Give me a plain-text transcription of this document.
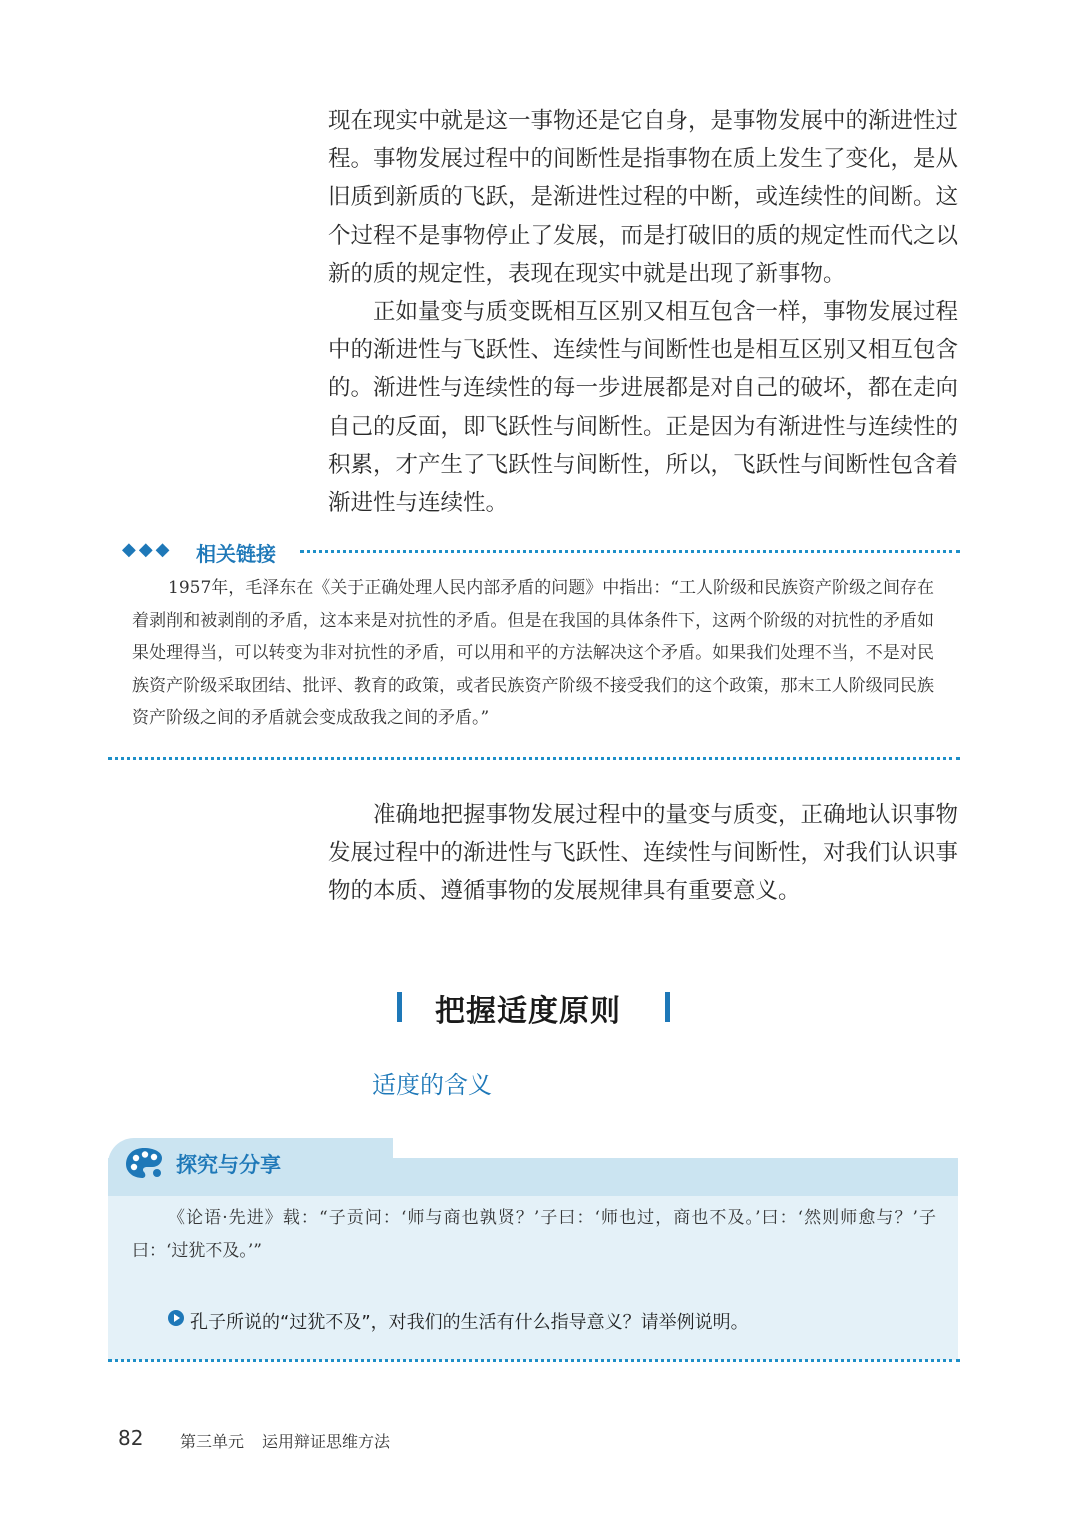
现在现实中就是这一事物还是它自身，是事物发展中的渐进性过程。事物发展过程中的间断性是指事物在质上发生了变化，是从旧质到新质的飞跃，是渐进性过程的中断，或连续性的间断。这个过程不是事物停止了发展，而是打破旧的质的规定性而代之以新的质的规定性，表现在现实中就是出现了新事物。

正如量变与质变既相互区别又相互包含一样，事物发展过程中的渐进性与飞跃性、连续性与间断性也是相互区别又相互包含的。渐进性与连续性的每一步进展都是对自己的破坏，都在走向自己的反面，即飞跃性与间断性。正是因为有渐进性与连续性的积累，才产生了飞跃性与间断性，所以，飞跃性与间断性包含着渐进性与连续性。

◆◆◆ 相关链接

1957年，毛泽东在《关于正确处理人民内部矛盾的问题》中指出：“工人阶级和民族资产阶级之间存在着剥削和被剥削的矛盾，这本来是对抗性的矛盾。但是在我国的具体条件下，这两个阶级的对抗性的矛盾如果处理得当，可以转变为非对抗性的矛盾，可以用和平的方法解决这个矛盾。如果我们处理不当，不是对民族资产阶级采取团结、批评、教育的政策，或者民族资产阶级不接受我们的这个政策，那末工人阶级同民族资产阶级之间的矛盾就会变成敌我之间的矛盾。”

准确地把握事物发展过程中的量变与质变，正确地认识事物发展过程中的渐进性与飞跃性、连续性与间断性，对我们认识事物的本质、遵循事物的发展规律具有重要意义。

把握适度原则
适度的含义
探究与分享

《论语·先进》载：“子贡问：‘师与商也孰贤？’子曰：‘师也过，商也不及。’曰：‘然则师愈与？’子曰：‘过犹不及。’”

孔子所说的“过犹不及”，对我们的生活有什么指导意义？请举例说明。
82 第三单元 运用辩证思维方法
